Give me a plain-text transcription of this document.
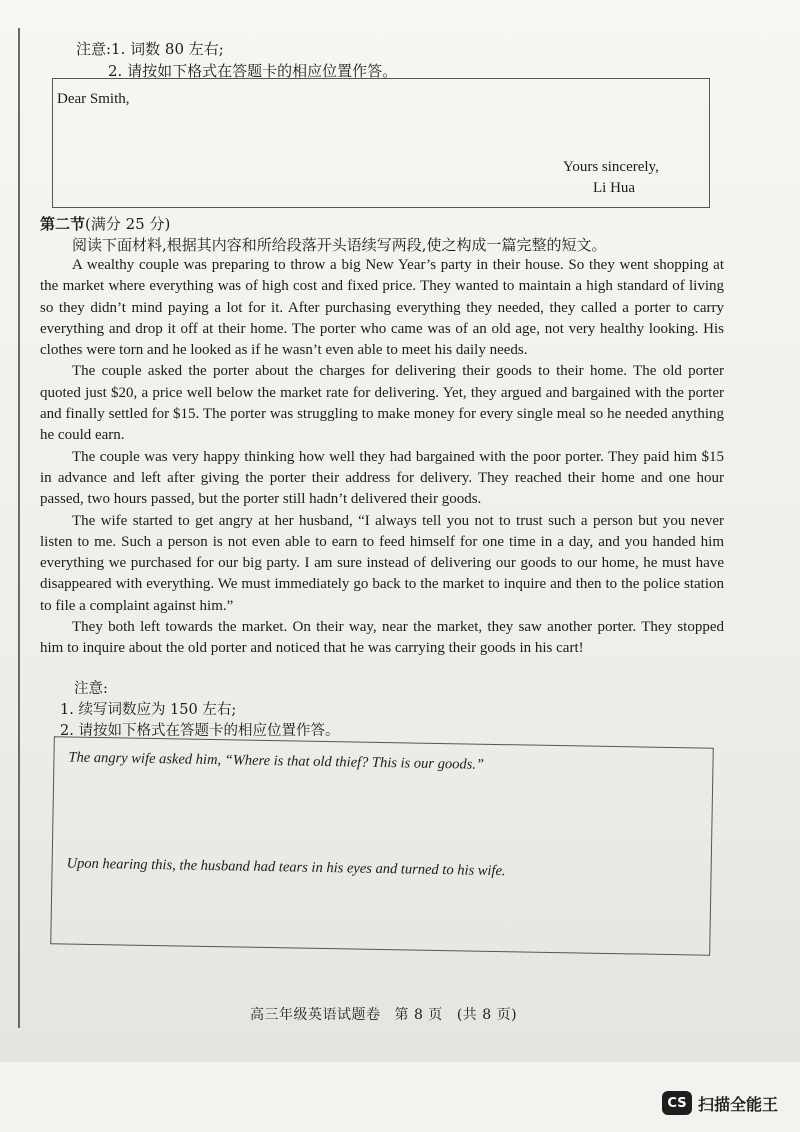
注意:1. 词数 80 左右;
2. 请按如下格式在答题卡的相应位置作答。
Dear Smith,
Yours sincerely,
Li Hua
第二节(满分 25 分)
阅读下面材料,根据其内容和所给段落开头语续写两段,使之构成一篇完整的短文。

A wealthy couple was preparing to throw a big New Year’s party in their house. So they went shopping at the market where everything was of high cost and fixed price. They wanted to maintain a high standard of living so they didn’t mind paying a lot for it. After purchasing everything they needed, they called a porter to carry everything and drop it off at their home. The porter who came was of an old age, not very healthy looking. His clothes were torn and he looked as if he wasn’t even able to meet his daily needs.

The couple asked the porter about the charges for delivering their goods to their home. The old porter quoted just $20, a price well below the market rate for delivering. Yet, they argued and bargained with the porter and finally settled for $15. The porter was struggling to make money for every single meal so he needed anything he could earn.

The couple was very happy thinking how well they had bargained with the poor porter. They paid him $15 in advance and left after giving the porter their address for delivery. They reached their home and one hour passed, two hours passed, but the porter still hadn’t delivered their goods.

The wife started to get angry at her husband, “I always tell you not to trust such a person but you never listen to me. Such a person is not even able to earn to feed himself for one time in a day, and you handed him everything we purchased for our big party. I am sure instead of delivering our goods to our home, he must have disappeared with everything. We must immediately go back to the market to inquire and then to the police station to file a complaint against him.”

They both left towards the market. On their way, near the market, they saw another porter. They stopped him to inquire about the old porter and noticed that he was carrying their goods in his cart!

注意:
1. 续写词数应为 150 左右;
2. 请按如下格式在答题卡的相应位置作答。
The angry wife asked him, “Where is that old thief? This is our goods.”
Upon hearing this, the husband had tears in his eyes and turned to his wife.
高三年级英语试题卷 第 8 页 (共 8 页)
CS 扫描全能王
